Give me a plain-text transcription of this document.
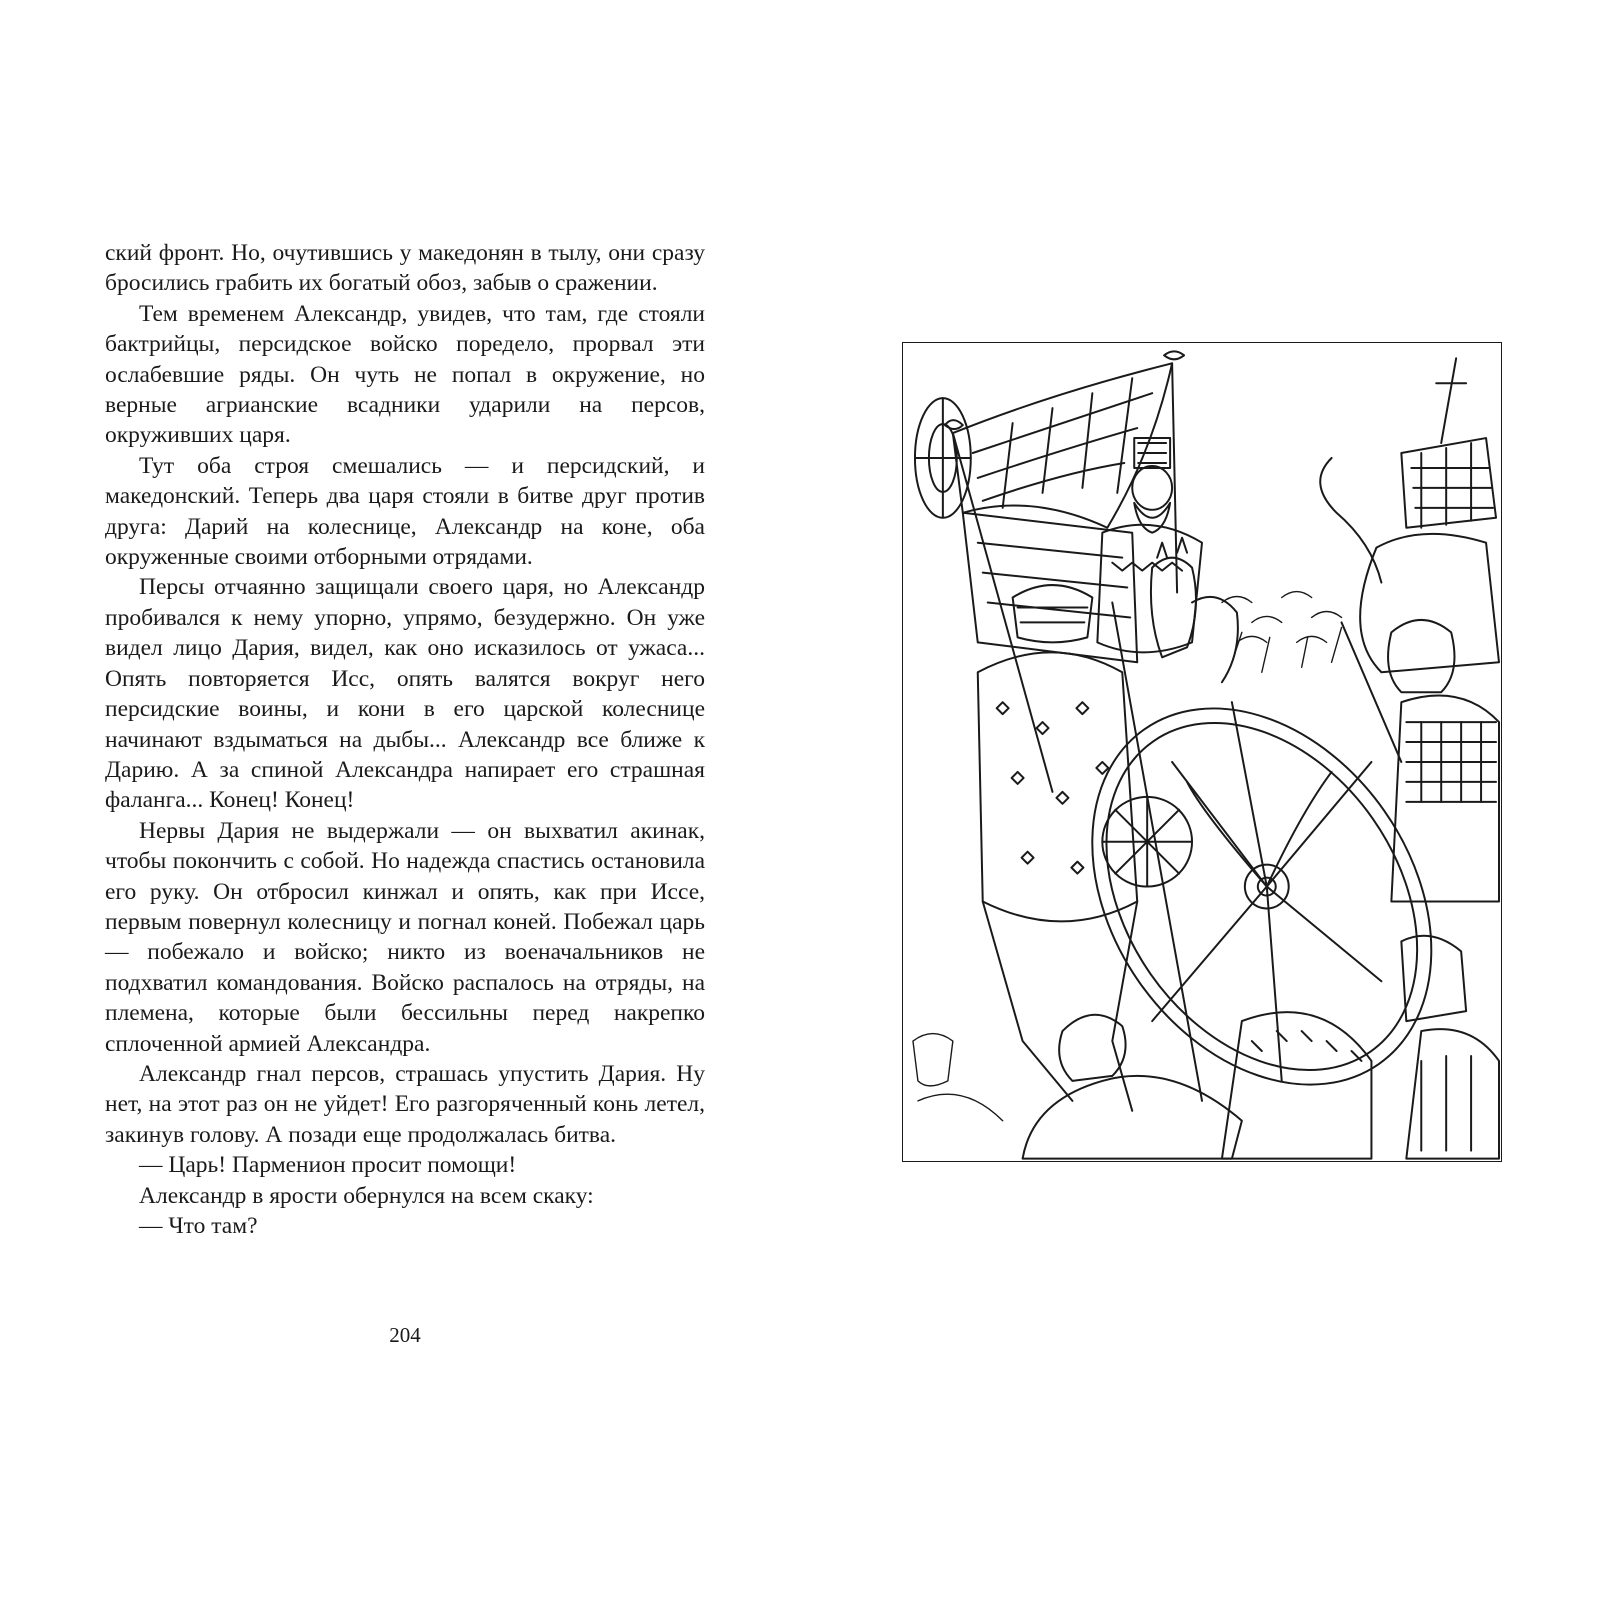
ский фронт. Но, очутившись у македонян в тылу, они сразу бросились грабить их богатый обоз, забыв о сражении.

Тем временем Александр, увидев, что там, где стояли бактрийцы, персидское войско поредело, прорвал эти ослабевшие ряды. Он чуть не попал в окружение, но верные агрианские всадники ударили на персов, окруживших царя.

Тут оба строя смешались — и персидский, и македонский. Теперь два царя стояли в битве друг против друга: Дарий на колеснице, Александр на коне, оба окруженные своими отборными отрядами.

Персы отчаянно защищали своего царя, но Александр пробивался к нему упорно, упрямо, безудержно. Он уже видел лицо Дария, видел, как оно исказилось от ужаса... Опять повторяется Исс, опять валятся вокруг него персидские воины, и кони в его царской колеснице начинают вздыматься на дыбы... Александр все ближе к Дарию. А за спиной Александра напирает его страшная фаланга... Конец! Конец!

Нервы Дария не выдержали — он выхватил акинак, чтобы покончить с собой. Но надежда спастись остановила его руку. Он отбросил кинжал и опять, как при Иссе, первым повернул колесницу и погнал коней. Побежал царь — побежало и войско; никто из военачальников не подхватил командования. Войско распалось на отряды, на племена, которые были бессильны перед накрепко сплоченной армией Александра.

Александр гнал персов, страшась упустить Дария. Ну нет, на этот раз он не уйдет! Его разгоряченный конь летел, закинув голову. А позади еще продолжалась битва.

— Царь! Парменион просит помощи!

Александр в ярости обернулся на всем скаку:

— Что там?

204
